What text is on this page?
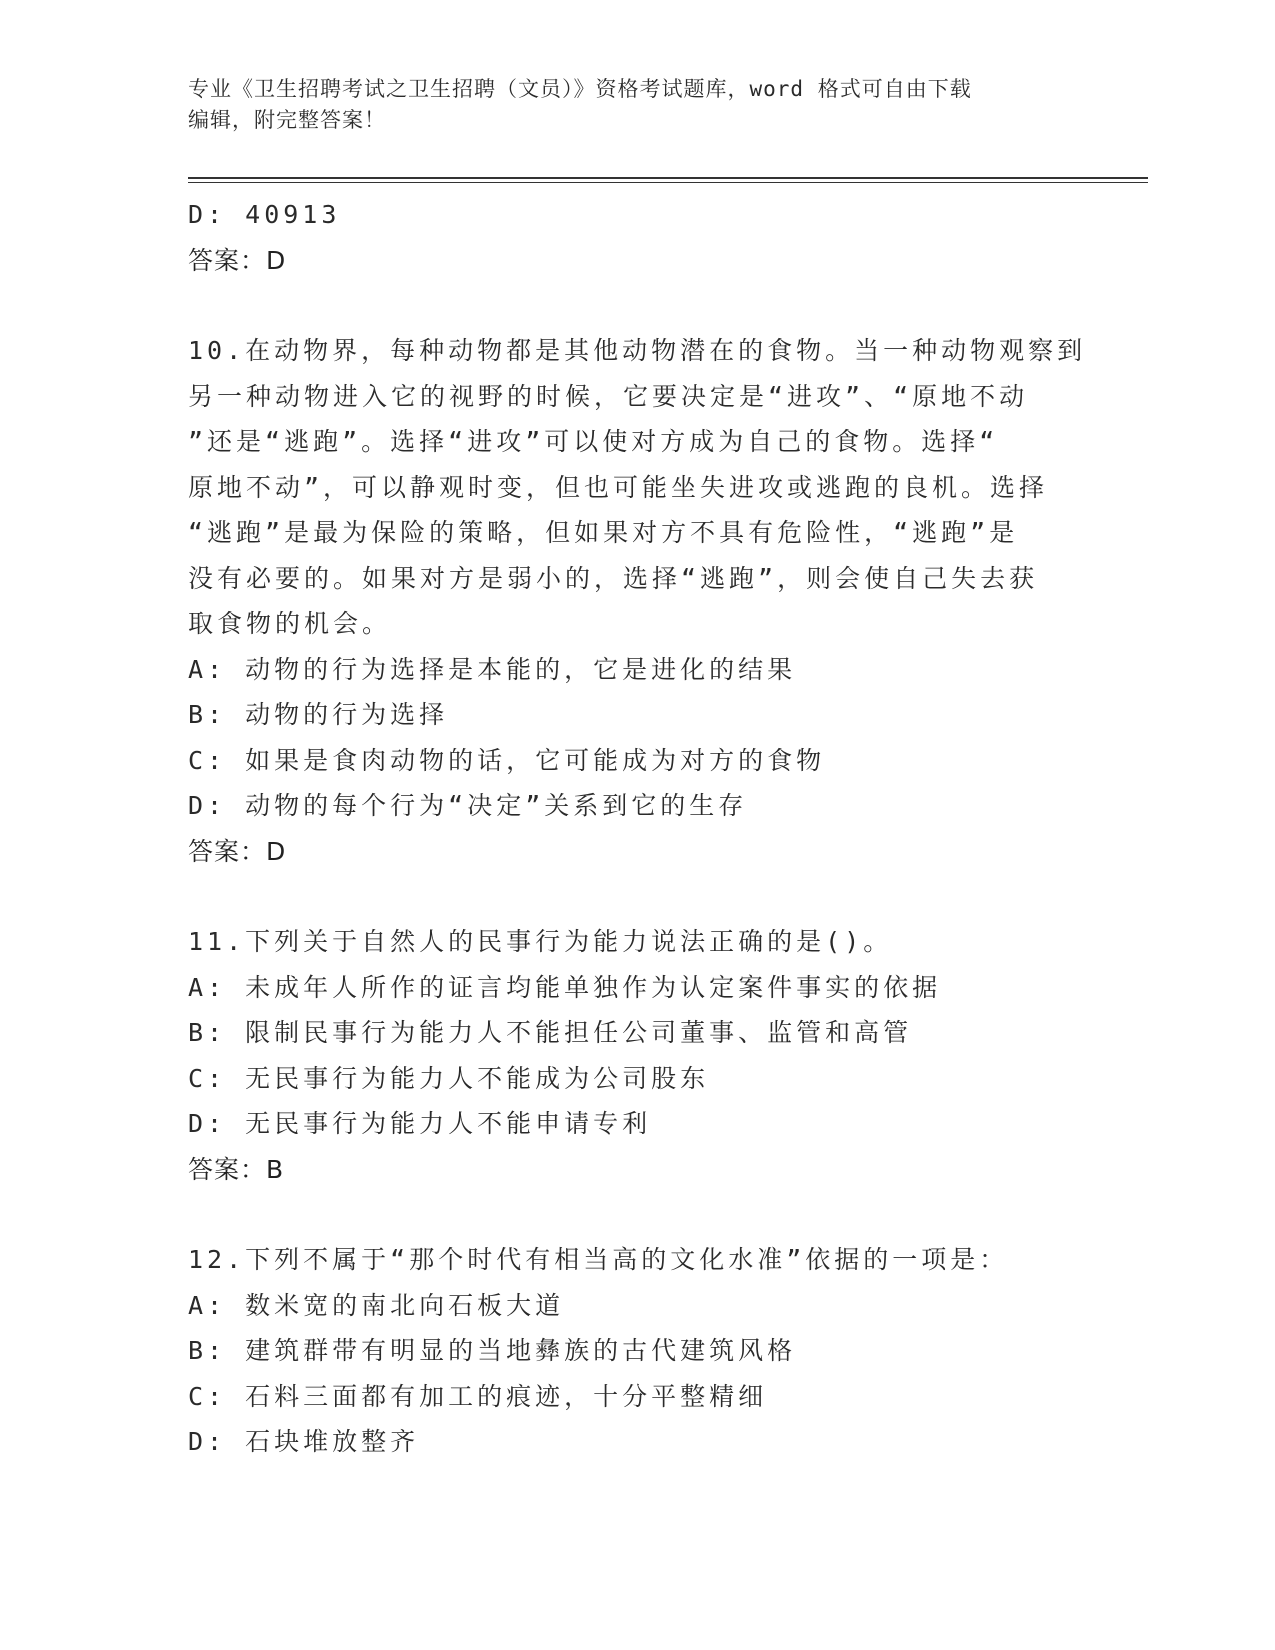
专业《卫生招聘考试之卫生招聘（文员）》资格考试题库，word 格式可自由下载
编辑，附完整答案！
D: 40913
答案：D
10.在动物界，每种动物都是其他动物潜在的食物。当一种动物观察到
另一种动物进入它的视野的时候，它要决定是“进攻”、“原地不动
”还是“逃跑”。选择“进攻”可以使对方成为自己的食物。选择“
原地不动”，可以静观时变，但也可能坐失进攻或逃跑的良机。选择
“逃跑”是最为保险的策略，但如果对方不具有危险性，“逃跑”是
没有必要的。如果对方是弱小的，选择“逃跑”，则会使自己失去获
取食物的机会。
A: 动物的行为选择是本能的，它是进化的结果
B: 动物的行为选择
C: 如果是食肉动物的话，它可能成为对方的食物
D: 动物的每个行为“决定”关系到它的生存
答案：D
11.下列关于自然人的民事行为能力说法正确的是()。
A: 未成年人所作的证言均能单独作为认定案件事实的依据
B: 限制民事行为能力人不能担任公司董事、监管和高管
C: 无民事行为能力人不能成为公司股东
D: 无民事行为能力人不能申请专利
答案：B
12.下列不属于“那个时代有相当高的文化水准”依据的一项是：
A: 数米宽的南北向石板大道
B: 建筑群带有明显的当地彝族的古代建筑风格
C: 石料三面都有加工的痕迹，十分平整精细
D: 石块堆放整齐
